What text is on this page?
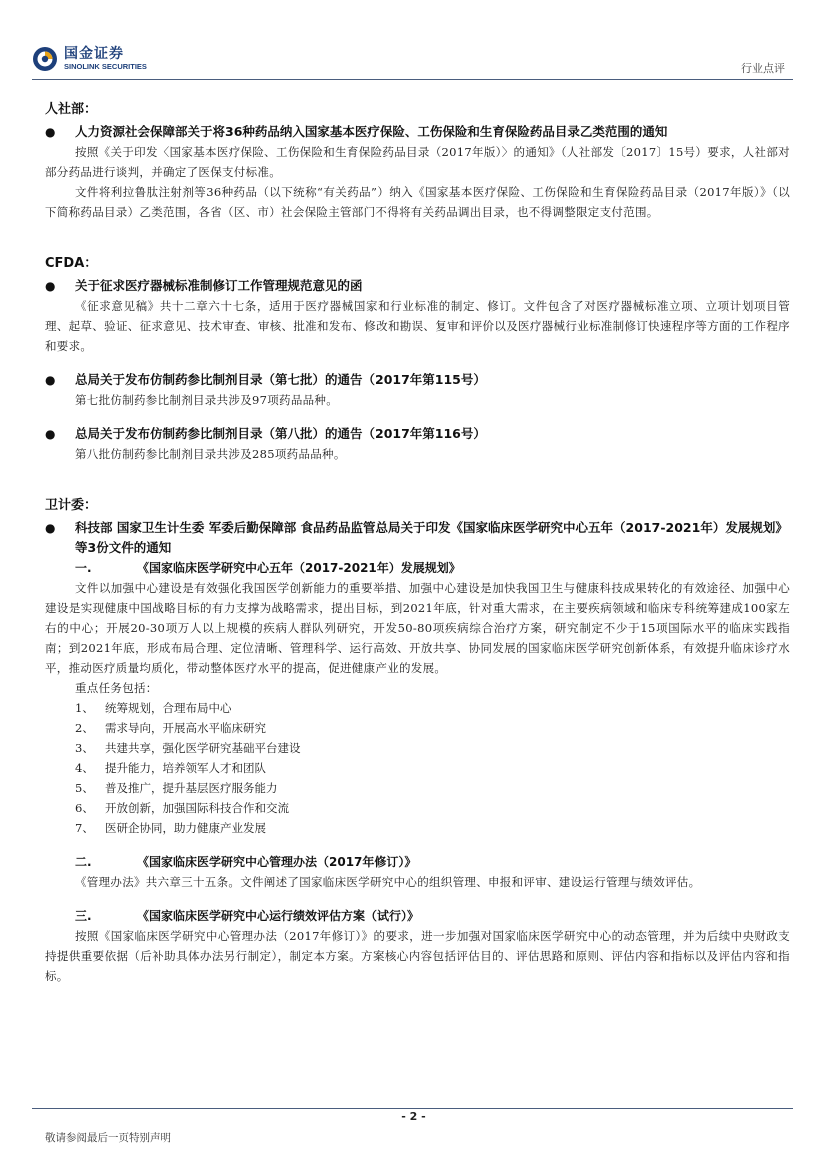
国金证券
SINOLINK SECURITIES	行业点评
人社部：
●	人力资源社会保障部关于将36种药品纳入国家基本医疗保险、工伤保险和生育保险药品目录乙类范围的通知
按照《关于印发〈国家基本医疗保险、工伤保险和生育保险药品目录（2017年版）〉的通知》（人社部发〔2017〕15号）要求，人社部对部分药品进行谈判，并确定了医保支付标准。
文件将利拉鲁肽注射剂等36种药品（以下统称“有关药品”）纳入《国家基本医疗保险、工伤保险和生育保险药品目录（2017年版）》（以下简称药品目录）乙类范围，各省（区、市）社会保险主管部门不得将有关药品调出目录，也不得调整限定支付范围。
CFDA：
●	关于征求医疗器械标准制修订工作管理规范意见的函
《征求意见稿》共十二章六十七条，适用于医疗器械国家和行业标准的制定、修订。文件包含了对医疗器械标准立项、立项计划项目管理、起草、验证、征求意见、技术审查、审核、批准和发布、修改和勘误、复审和评价以及医疗器械行业标准制修订快速程序等方面的工作程序和要求。
●	总局关于发布仿制药参比制剂目录（第七批）的通告（2017年第115号）
第七批仿制药参比制剂目录共涉及97项药品品种。
●	总局关于发布仿制药参比制剂目录（第八批）的通告（2017年第116号）
第八批仿制药参比制剂目录共涉及285项药品品种。
卫计委：
●	科技部 国家卫生计生委 军委后勤保障部 食品药品监管总局关于印发《国家临床医学研究中心五年（2017-2021年）发展规划》等3份文件的通知
一.	《国家临床医学研究中心五年（2017-2021年）发展规划》
文件以加强中心建设是有效强化我国医学创新能力的重要举措、加强中心建设是加快我国卫生与健康科技成果转化的有效途径、加强中心建设是实现健康中国战略目标的有力支撑为战略需求，提出目标，到2021年底，针对重大需求，在主要疾病领域和临床专科统筹建成100家左右的中心；开展20-30项万人以上规模的疾病人群队列研究，开发50-80项疾病综合治疗方案，研究制定不少于15项国际水平的临床实践指南；到2021年底，形成布局合理、定位清晰、管理科学、运行高效、开放共享、协同发展的国家临床医学研究创新体系，有效提升临床诊疗水平，推动医疗质量均质化，带动整体医疗水平的提高，促进健康产业的发展。
重点任务包括：
1、 统筹规划，合理布局中心
2、 需求导向，开展高水平临床研究
3、 共建共享，强化医学研究基础平台建设
4、 提升能力，培养领军人才和团队
5、 普及推广，提升基层医疗服务能力
6、 开放创新，加强国际科技合作和交流
7、 医研企协同，助力健康产业发展
二.	《国家临床医学研究中心管理办法（2017年修订）》
《管理办法》共六章三十五条。文件阐述了国家临床医学研究中心的组织管理、申报和评审、建设运行管理与绩效评估。
三.	《国家临床医学研究中心运行绩效评估方案（试行）》
按照《国家临床医学研究中心管理办法（2017年修订）》的要求，进一步加强对国家临床医学研究中心的动态管理，并为后续中央财政支持提供重要依据（后补助具体办法另行制定），制定本方案。方案核心内容包括评估目的、评估思路和原则、评估内容和指标以及评估内容和指标。
- 2 -
敬请参阅最后一页特别声明
